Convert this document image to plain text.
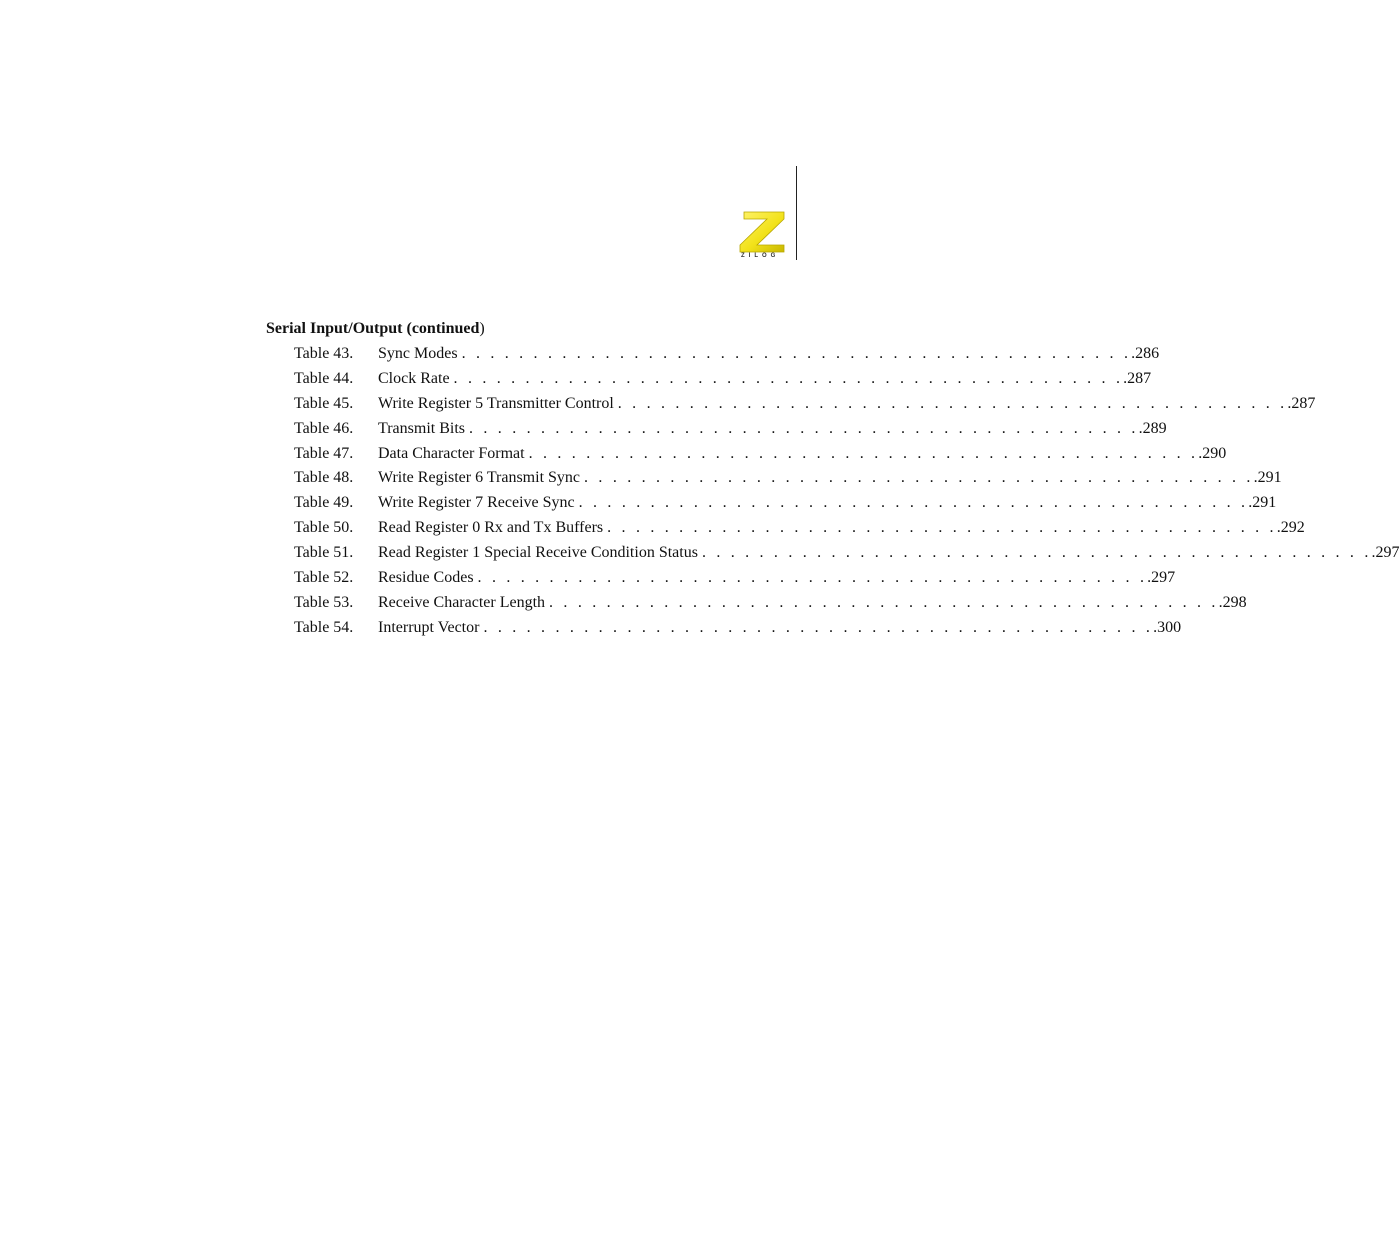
ZILOG
Serial Input/Output (continued)
Table 43.	Sync Modes . . . . . . . . . . . . . . . . . . . . . . . . . . . . . . . . . . . . . . . . . . . . . . . .286
Table 44.	Clock Rate . . . . . . . . . . . . . . . . . . . . . . . . . . . . . . . . . . . . . . . . . . . . . . . .287
Table 45.	Write Register 5 Transmitter Control . . . . . . . . . . . . . . . . . . . . . . . . . . . . . . . . . . . . . . . . . . . . . . . .287
Table 46.	Transmit Bits . . . . . . . . . . . . . . . . . . . . . . . . . . . . . . . . . . . . . . . . . . . . . . . .289
Table 47.	Data Character Format . . . . . . . . . . . . . . . . . . . . . . . . . . . . . . . . . . . . . . . . . . . . . . . .290
Table 48.	Write Register 6 Transmit Sync . . . . . . . . . . . . . . . . . . . . . . . . . . . . . . . . . . . . . . . . . . . . . . . .291
Table 49.	Write Register 7 Receive Sync . . . . . . . . . . . . . . . . . . . . . . . . . . . . . . . . . . . . . . . . . . . . . . . .291
Table 50.	Read Register 0 Rx and Tx Buffers . . . . . . . . . . . . . . . . . . . . . . . . . . . . . . . . . . . . . . . . . . . . . . . .292
Table 51.	Read Register 1 Special Receive Condition Status . . . . . . . . . . . . . . . . . . . . . . . . . . . . . . . . . . . . . . . . . . . . . . . .297
Table 52.	Residue Codes . . . . . . . . . . . . . . . . . . . . . . . . . . . . . . . . . . . . . . . . . . . . . . . .297
Table 53.	Receive Character Length . . . . . . . . . . . . . . . . . . . . . . . . . . . . . . . . . . . . . . . . . . . . . . . .298
Table 54.	Interrupt Vector . . . . . . . . . . . . . . . . . . . . . . . . . . . . . . . . . . . . . . . . . . . . . . . .300
